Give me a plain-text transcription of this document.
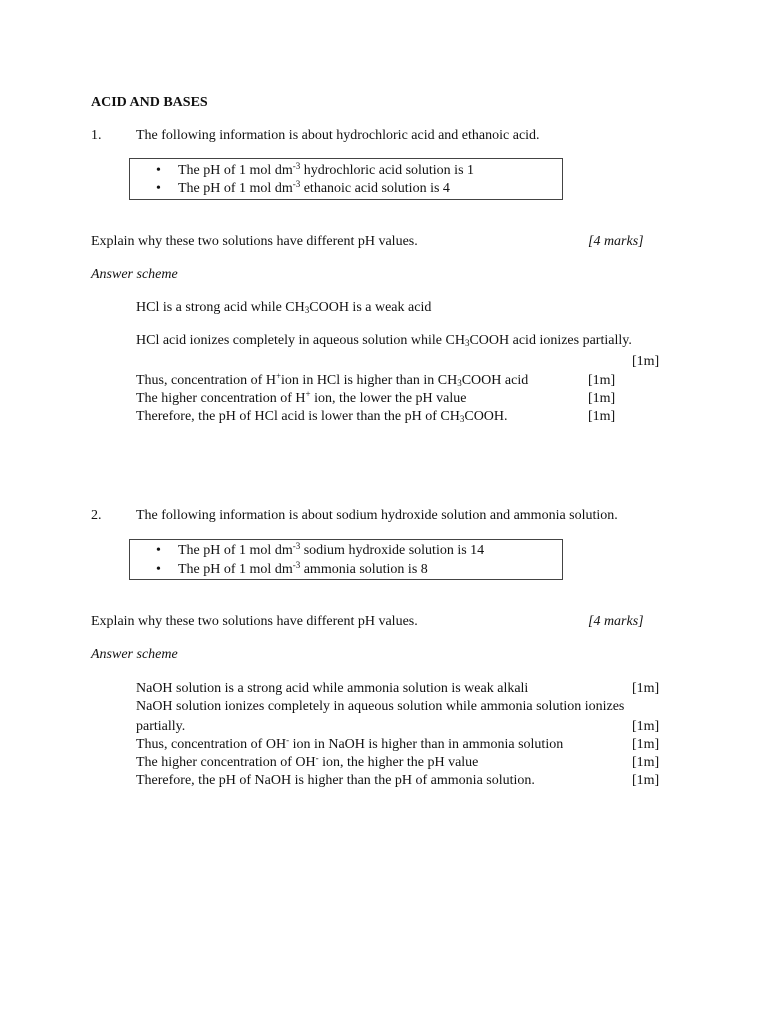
ACID AND BASES
1. The following information is about hydrochloric acid and ethanoic acid.
• The pH of 1 mol $dm^{-3}$ hydrochloric acid solution is 1
• The pH of 1 mol $dm^{-3}$ ethanoic acid solution is 4
Explain why these two solutions have different pH values.	[4 marks]
Answer scheme
HCl is a strong acid while $CH_3COOH$ is a weak acid
HCl acid ionizes completely in aqueous solution while $CH_3COOH$ acid ionizes partially.
[1m]
Thus, concentration of H+ion in HCl is higher than in $CH_3COOH$ acid	[1m]
The higher concentration of H+ ion, the lower the pH value	[1m]
Therefore, the pH of HCl acid is lower than the pH of $CH_3COOH$.	[1m]
2. The following information is about sodium hydroxide solution and ammonia solution.
• The pH of 1 mol $dm^{-3}$ sodium hydroxide solution is 14
• The pH of 1 mol $dm^{-3}$ ammonia solution is 8
Explain why these two solutions have different pH values.	[4 marks]
Answer scheme
NaOH solution is a strong acid while ammonia solution is weak alkali	[1m]
NaOH solution ionizes completely in aqueous solution while ammonia solution ionizes
partially.	[1m]
Thus, concentration of OH- ion in NaOH is higher than in ammonia solution	[1m]
The higher concentration of OH- ion, the higher the pH value	[1m]
Therefore, the pH of NaOH is higher than the pH of ammonia solution.	[1m]
